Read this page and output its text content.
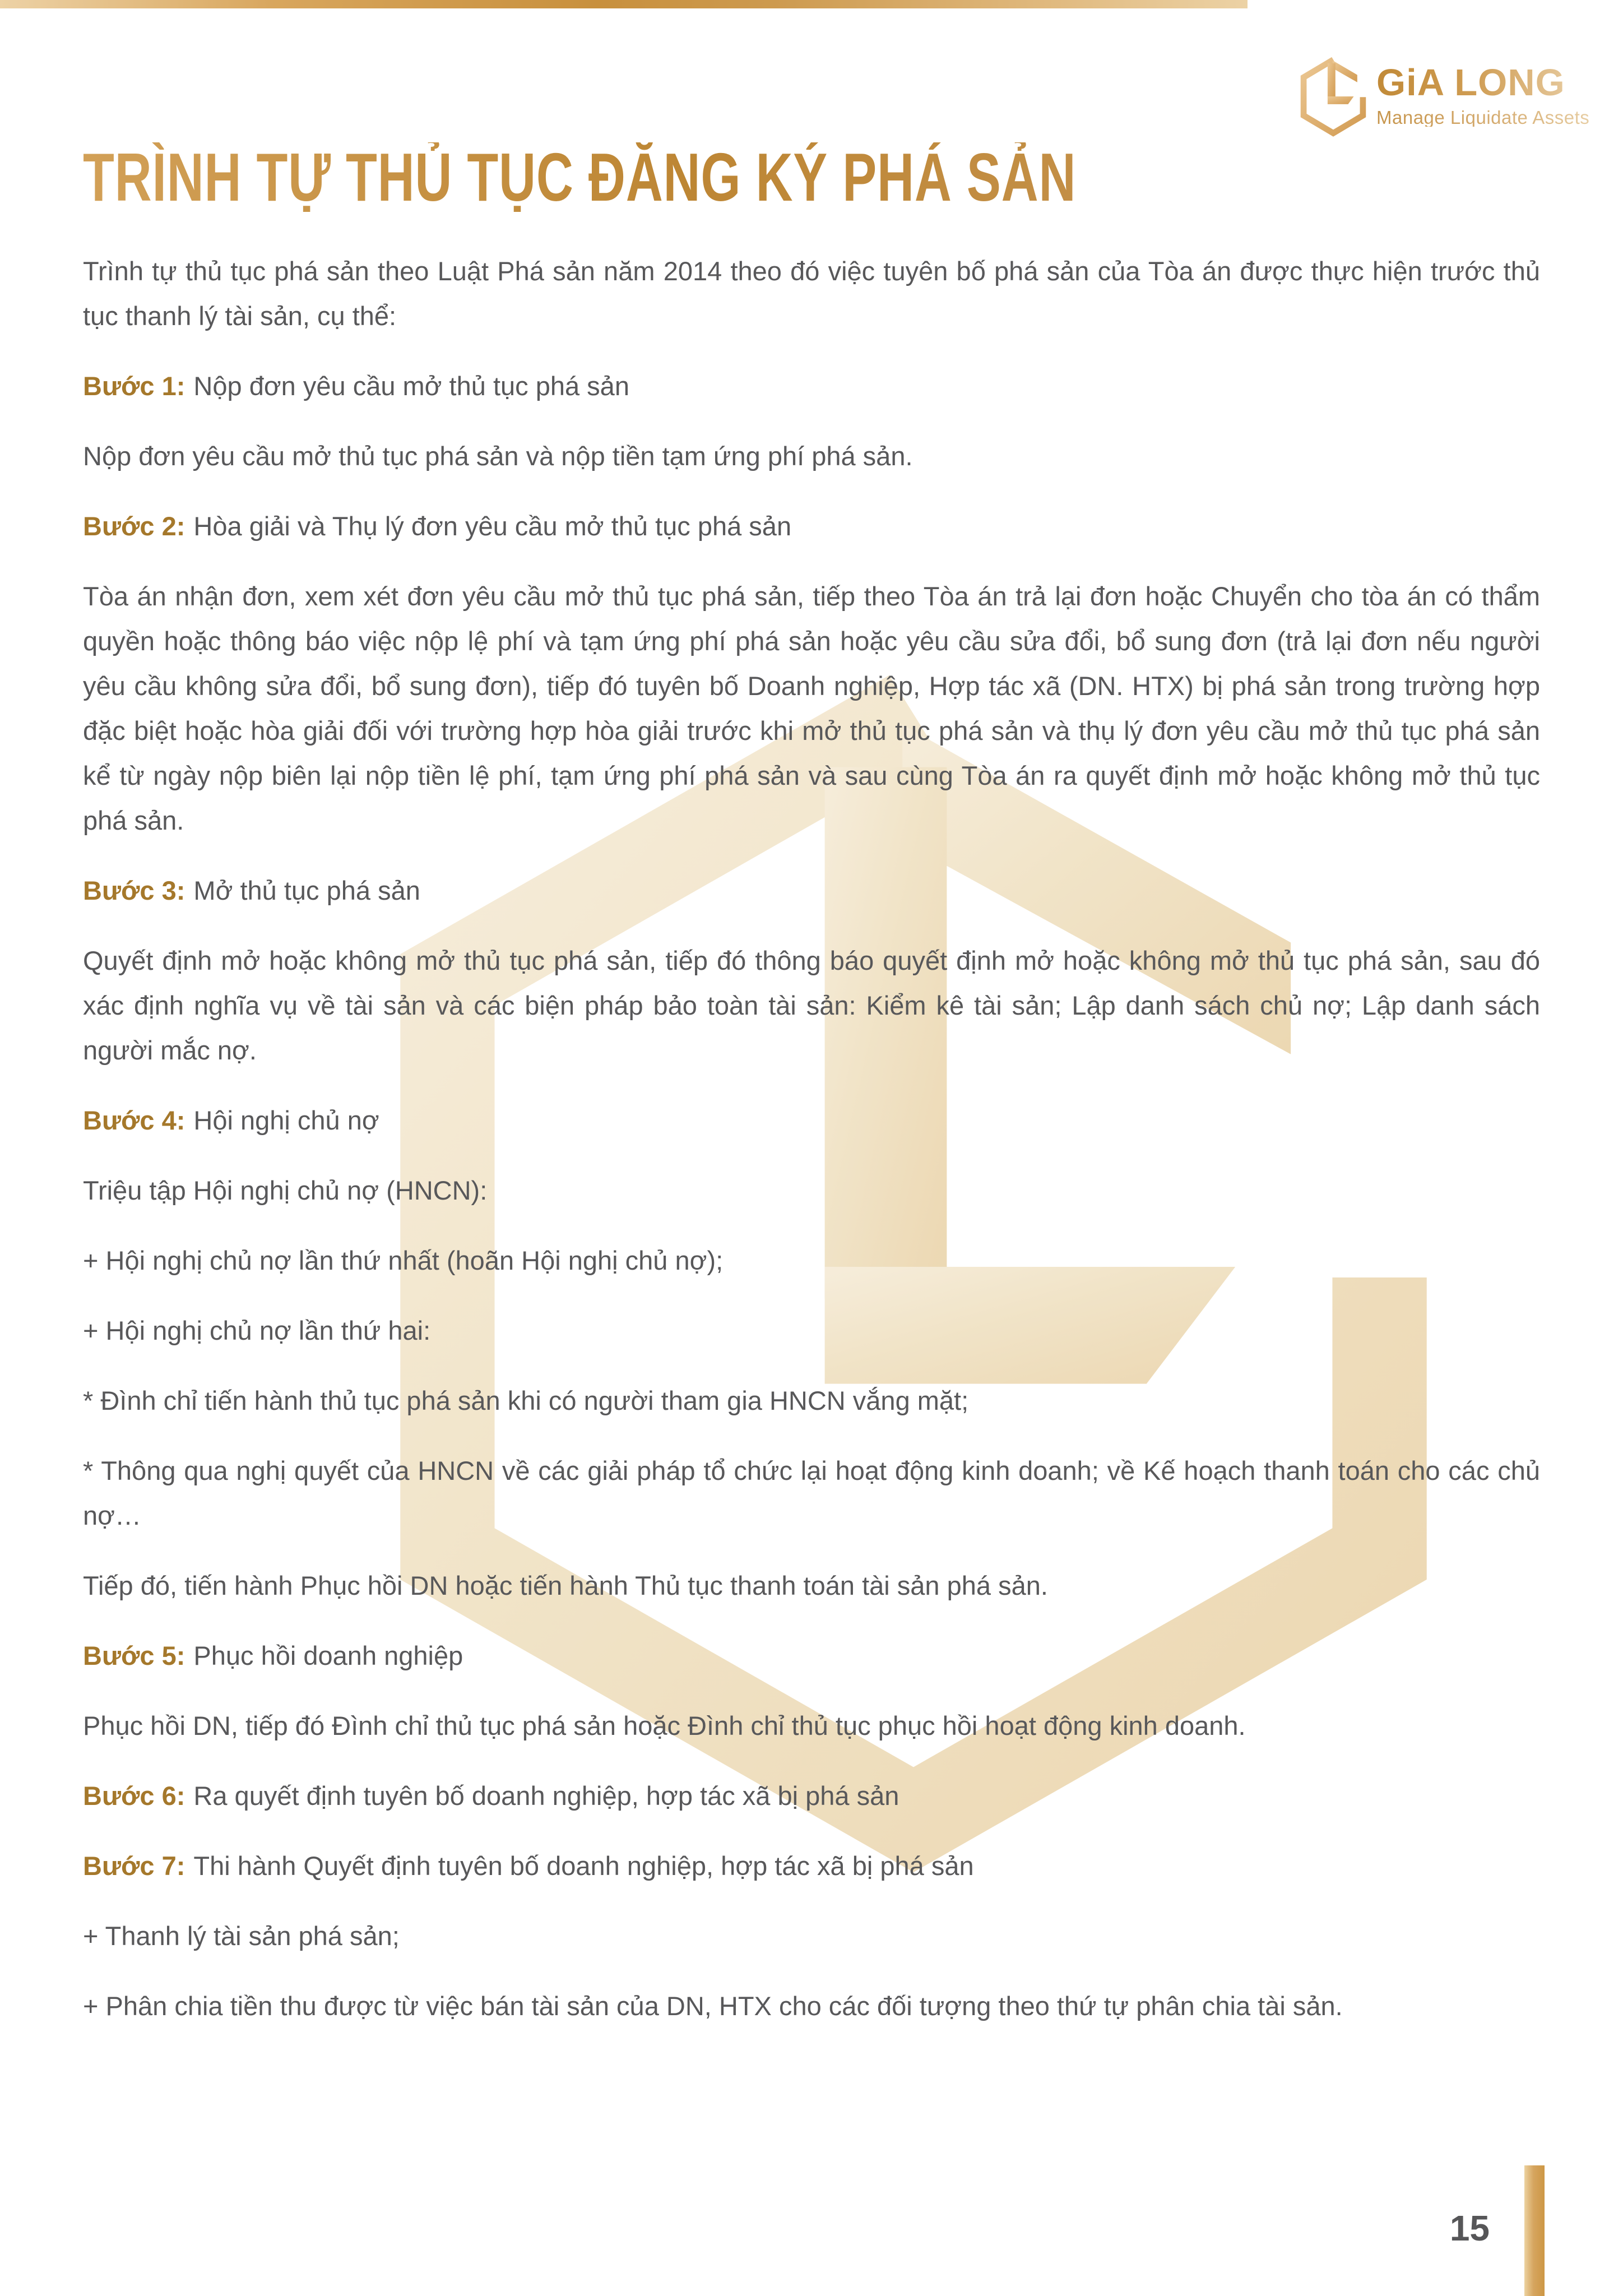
GiA LONG
Manage Liquidate Assets
TRÌNH TỰ THỦ TỤC ĐĂNG KÝ PHÁ SẢN

Trình tự thủ tục phá sản theo Luật Phá sản năm 2014 theo đó việc tuyên bố phá sản của Tòa án được thực hiện trước thủ tục thanh lý tài sản, cụ thể:

Bước 1: Nộp đơn yêu cầu mở thủ tục phá sản

Nộp đơn yêu cầu mở thủ tục phá sản và nộp tiền tạm ứng phí phá sản.

Bước 2: Hòa giải và Thụ lý đơn yêu cầu mở thủ tục phá sản

Tòa án nhận đơn, xem xét đơn yêu cầu mở thủ tục phá sản, tiếp theo Tòa án trả lại đơn hoặc Chuyển cho tòa án có thẩm quyền hoặc thông báo việc nộp lệ phí và tạm ứng phí phá sản hoặc yêu cầu sửa đổi, bổ sung đơn (trả lại đơn nếu người yêu cầu không sửa đổi, bổ sung đơn), tiếp đó tuyên bố Doanh nghiệp, Hợp tác xã (DN. HTX) bị phá sản trong trường hợp đặc biệt hoặc hòa giải đối với trường hợp hòa giải trước khi mở thủ tục phá sản và thụ lý đơn yêu cầu mở thủ tục phá sản kể từ ngày nộp biên lại nộp tiền lệ phí, tạm ứng phí phá sản và sau cùng Tòa án ra quyết định mở hoặc không mở thủ tục phá sản.

Bước 3: Mở thủ tục phá sản

Quyết định mở hoặc không mở thủ tục phá sản, tiếp đó thông báo quyết định mở hoặc không mở thủ tục phá sản, sau đó xác định nghĩa vụ về tài sản và các biện pháp bảo toàn tài sản: Kiểm kê tài sản; Lập danh sách chủ nợ; Lập danh sách người mắc nợ.

Bước 4: Hội nghị chủ nợ

Triệu tập Hội nghị chủ nợ (HNCN):

+ Hội nghị chủ nợ lần thứ nhất (hoãn Hội nghị chủ nợ);

+ Hội nghị chủ nợ lần thứ hai:

* Đình chỉ tiến hành thủ tục phá sản khi có người tham gia HNCN vắng mặt;

* Thông qua nghị quyết của HNCN về các giải pháp tổ chức lại hoạt động kinh doanh; về Kế hoạch thanh toán cho các chủ nợ…

Tiếp đó, tiến hành Phục hồi DN hoặc tiến hành Thủ tục thanh toán tài sản phá sản.

Bước 5: Phục hồi doanh nghiệp

Phục hồi DN, tiếp đó Đình chỉ thủ tục phá sản hoặc Đình chỉ thủ tục phục hồi hoạt động kinh doanh.

Bước 6: Ra quyết định tuyên bố doanh nghiệp, hợp tác xã bị phá sản

Bước 7: Thi hành Quyết định tuyên bố doanh nghiệp, hợp tác xã bị phá sản

+ Thanh lý tài sản phá sản;

+ Phân chia tiền thu được từ việc bán tài sản của DN, HTX cho các đối tượng theo thứ tự phân chia tài sản.

15
